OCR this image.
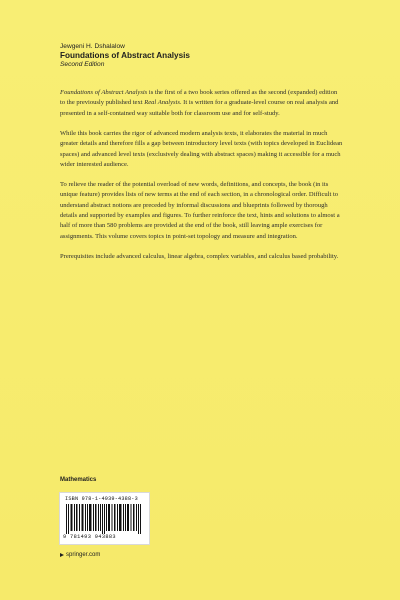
Jewgeni H. Dshalalow
Foundations of Abstract Analysis
Second Edition

Foundations of Abstract Analysis is the first of a two book series offered as the second (expanded) edition to the previously published text Real Analysis. It is written for a graduate-level course on real analysis and presented in a self-contained way suitable both for classroom use and for self-study.

While this book carries the rigor of advanced modern analysis texts, it elaborates the material in much greater details and therefore fills a gap between introductory level texts (with topics developed in Euclidean spaces) and advanced level texts (exclusively dealing with abstract spaces) making it accessible for a much wider interested audience.

To relieve the reader of the potential overload of new words, definitions, and concepts, the book (in its unique feature) provides lists of new terms at the end of each section, in a chronological order. Difficult to understand abstract notions are preceded by informal discussions and blueprints followed by thorough details and supported by examples and figures. To further reinforce the text, hints and solutions to almost a half of more than 580 problems are provided at the end of the book, still leaving ample exercises for assignments. This volume covers topics in point-set topology and measure and integration.

Prerequisites include advanced calculus, linear algebra, complex variables, and calculus based probability.

Mathematics
ISBN 978-1-4939-4388-3
9 781493 943883
springer.com
